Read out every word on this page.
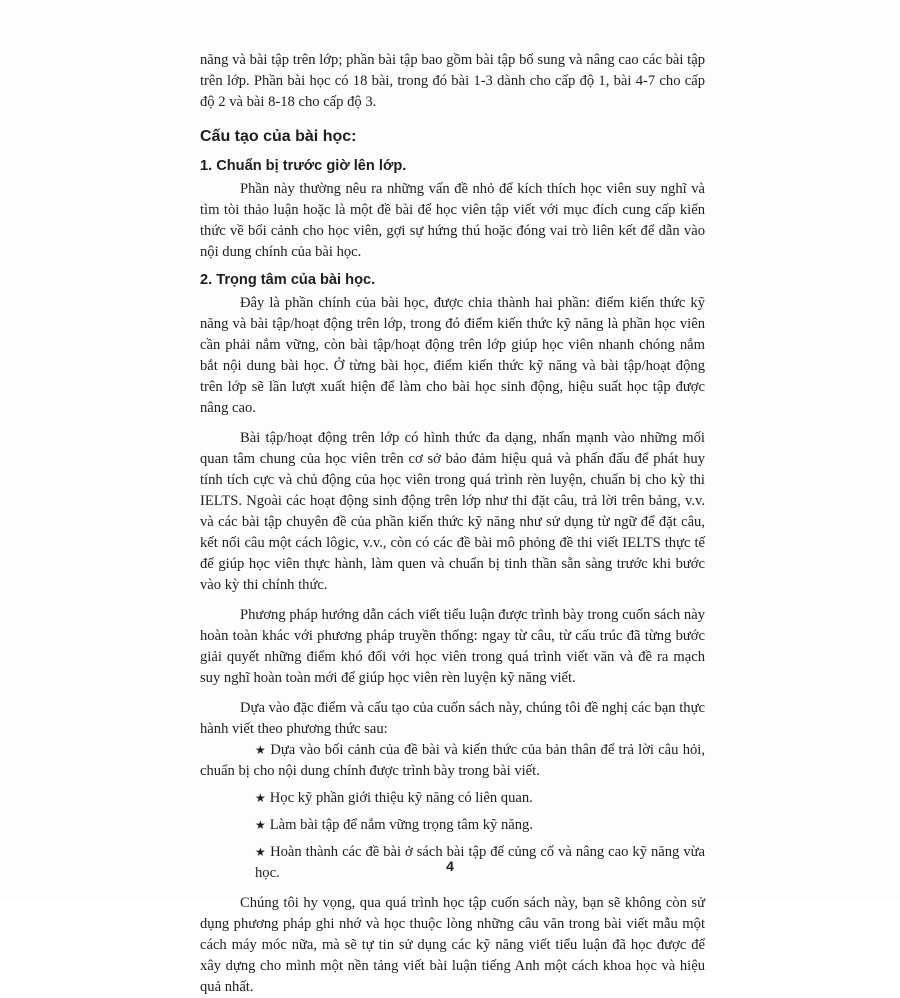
năng và bài tập trên lớp; phần bài tập bao gồm bài tập bổ sung và nâng cao các bài tập trên lớp. Phần bài học có 18 bài, trong đó bài 1-3 dành cho cấp độ 1, bài 4-7 cho cấp độ 2 và bài 8-18 cho cấp độ 3.

Cấu tạo của bài học:
1. Chuẩn bị trước giờ lên lớp.

Phần này thường nêu ra những vấn đề nhỏ để kích thích học viên suy nghĩ và tìm tòi thảo luận hoặc là một đề bài để học viên tập viết với mục đích cung cấp kiến thức về bối cảnh cho học viên, gợi sự hứng thú hoặc đóng vai trò liên kết để dẫn vào nội dung chính của bài học.

2. Trọng tâm của bài học.

Đây là phần chính của bài học, được chia thành hai phần: điểm kiến thức kỹ năng và bài tập/hoạt động trên lớp, trong đó điểm kiến thức kỹ năng là phần học viên cần phải nắm vững, còn bài tập/hoạt động trên lớp giúp học viên nhanh chóng nắm bắt nội dung bài học. Ở từng bài học, điểm kiến thức kỹ năng và bài tập/hoạt động trên lớp sẽ lần lượt xuất hiện để làm cho bài học sinh động, hiệu suất học tập được nâng cao.

Bài tập/hoạt động trên lớp có hình thức đa dạng, nhấn mạnh vào những mối quan tâm chung của học viên trên cơ sở bảo đảm hiệu quả và phấn đấu để phát huy tính tích cực và chủ động của học viên trong quá trình rèn luyện, chuẩn bị cho kỳ thi IELTS. Ngoài các hoạt động sinh động trên lớp như thi đặt câu, trả lời trên bảng, v.v. và các bài tập chuyên đề của phần kiến thức kỹ năng như sử dụng từ ngữ để đặt câu, kết nối câu một cách lôgic, v.v., còn có các đề bài mô phỏng đề thi viết IELTS thực tế để giúp học viên thực hành, làm quen và chuẩn bị tinh thần sẵn sàng trước khi bước vào kỳ thi chính thức.

Phương pháp hướng dẫn cách viết tiểu luận được trình bày trong cuốn sách này hoàn toàn khác với phương pháp truyền thống: ngay từ câu, từ cấu trúc đã từng bước giải quyết những điểm khó đối với học viên trong quá trình viết văn và đề ra mạch suy nghĩ hoàn toàn mới để giúp học viên rèn luyện kỹ năng viết.

Dựa vào đặc điểm và cấu tạo của cuốn sách này, chúng tôi đề nghị các bạn thực hành viết theo phương thức sau:

★ Dựa vào bối cảnh của đề bài và kiến thức của bản thân để trả lời câu hỏi, chuẩn bị cho nội dung chính được trình bày trong bài viết.
★ Học kỹ phần giới thiệu kỹ năng có liên quan.
★ Làm bài tập để nắm vững trọng tâm kỹ năng.
★ Hoàn thành các đề bài ở sách bài tập để củng cố và nâng cao kỹ năng vừa học.

Chúng tôi hy vọng, qua quá trình học tập cuốn sách này, bạn sẽ không còn sử dụng phương pháp ghi nhớ và học thuộc lòng những câu văn trong bài viết mẫu một cách máy móc nữa, mà sẽ tự tin sử dụng các kỹ năng viết tiểu luận đã học được để xây dựng cho mình một nền tảng viết bài luận tiếng Anh một cách khoa học và hiệu quả nhất.

4
